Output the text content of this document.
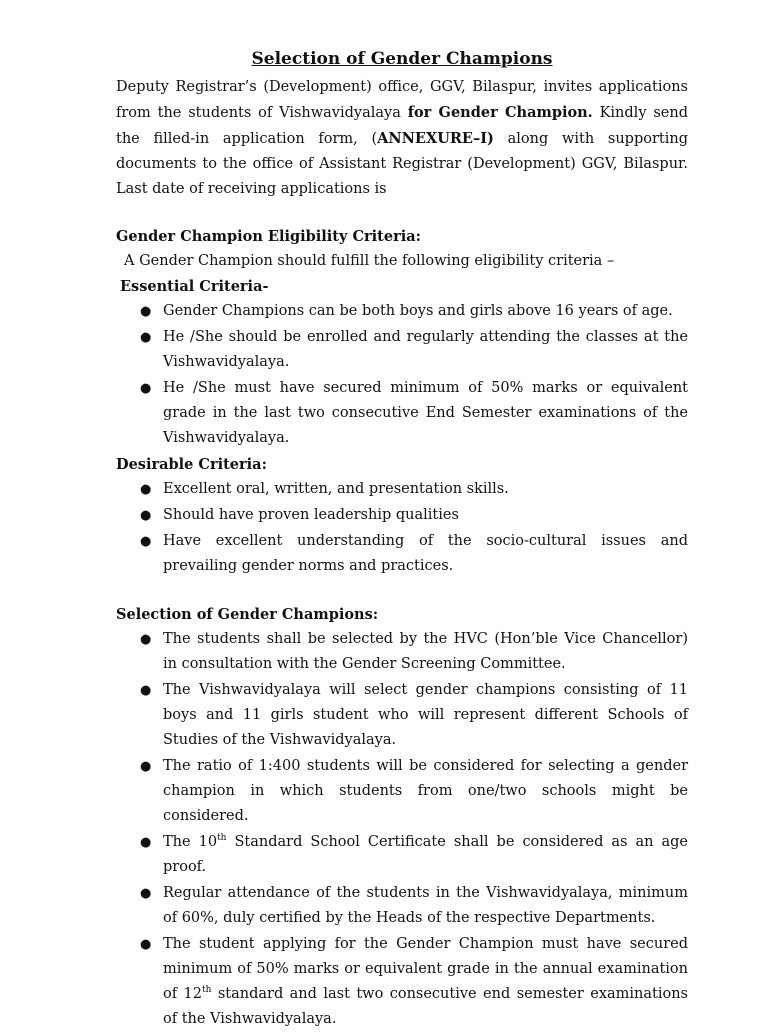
Selection of Gender Champions

Deputy Registrar’s (Development) office, GGV, Bilaspur, invites applications from the students of Vishwavidyalaya for Gender Champion. Kindly send the filled-in application form, (ANNEXURE–I) along with supporting documents to the office of Assistant Registrar (Development) GGV, Bilaspur. Last date of receiving applications is

Gender Champion Eligibility Criteria:

A Gender Champion should fulfill the following eligibility criteria –

Essential Criteria-

● Gender Champions can be both boys and girls above 16 years of age.
● He /She should be enrolled and regularly attending the classes at the Vishwavidyalaya.
● He /She must have secured minimum of 50% marks or equivalent grade in the last two consecutive End Semester examinations of the Vishwavidyalaya.

Desirable Criteria:

● Excellent oral, written, and presentation skills.
● Should have proven leadership qualities
● Have excellent understanding of the socio-cultural issues and prevailing gender norms and practices.

Selection of Gender Champions:

● The students shall be selected by the HVC (Hon’ble Vice Chancellor) in consultation with the Gender Screening Committee.
● The Vishwavidyalaya will select gender champions consisting of 11 boys and 11 girls student who will represent different Schools of Studies of the Vishwavidyalaya.
● The ratio of 1:400 students will be considered for selecting a gender champion in which students from one/two schools might be considered.
● The 10th Standard School Certificate shall be considered as an age proof.
● Regular attendance of the students in the Vishwavidyalaya, minimum of 60%, duly certified by the Heads of the respective Departments.
● The student applying for the Gender Champion must have secured minimum of 50% marks or equivalent grade in the annual examination of 12th standard and last two consecutive end semester examinations of the Vishwavidyalaya.
